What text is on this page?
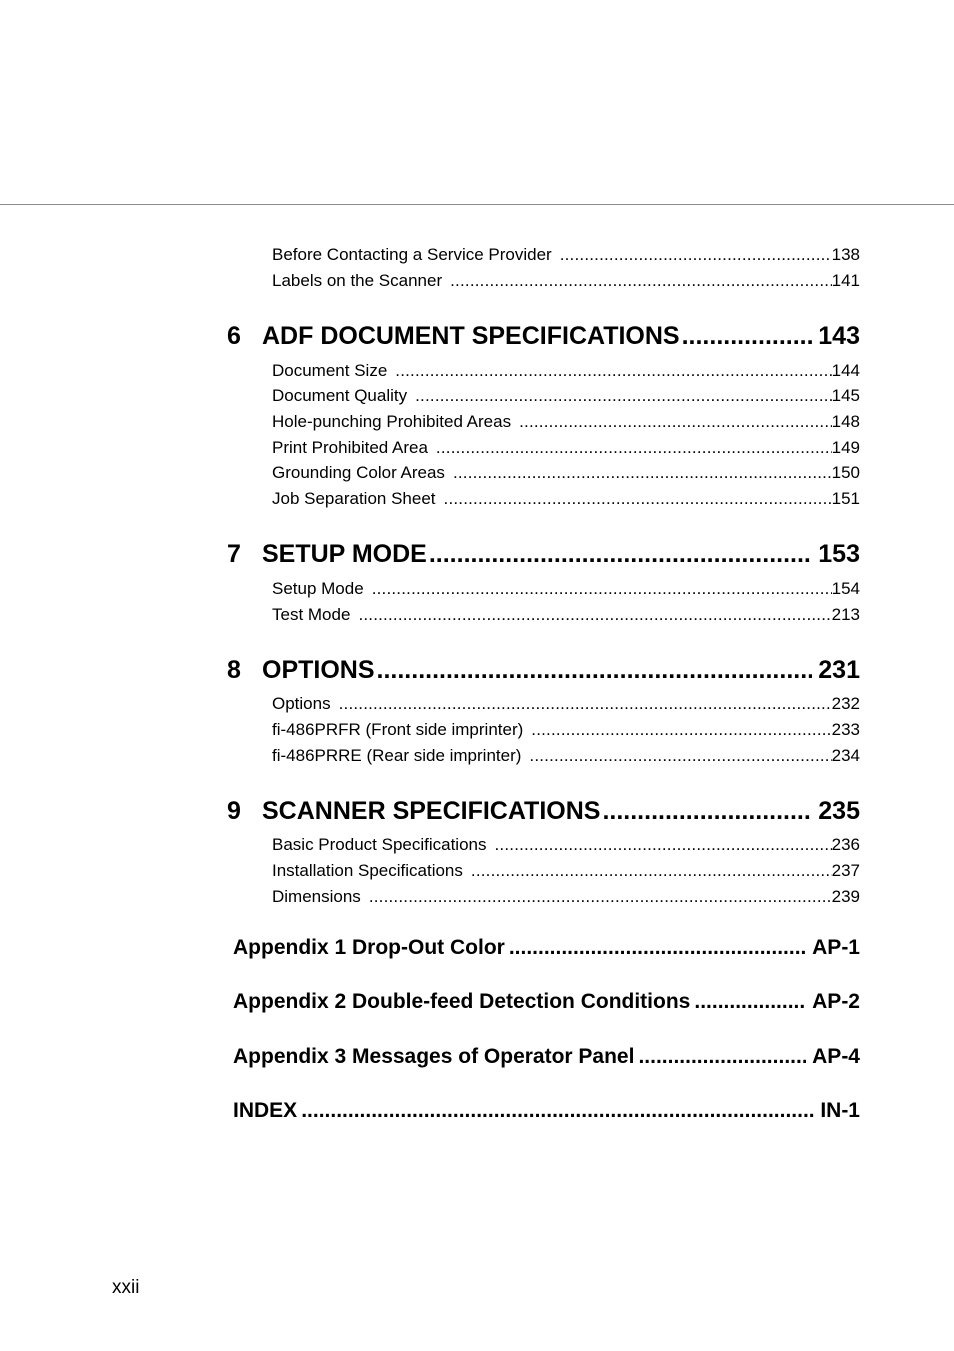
Before Contacting a Service Provider .....	138
Labels on the Scanner .....	141
6 ADF DOCUMENT SPECIFICATIONS .....	143
Document Size .....	144
Document Quality .....	145
Hole-punching Prohibited Areas .....	148
Print Prohibited Area .....	149
Grounding Color Areas .....	150
Job Separation Sheet .....	151
7 SETUP MODE .....	153
Setup Mode .....	154
Test Mode .....	213
8 OPTIONS .....	231
Options .....	232
fi-486PRFR (Front side imprinter) .....	233
fi-486PRRE (Rear side imprinter) .....	234
9 SCANNER SPECIFICATIONS .....	235
Basic Product Specifications .....	236
Installation Specifications .....	237
Dimensions .....	239
Appendix 1 Drop-Out Color .....	AP-1
Appendix 2 Double-feed Detection Conditions .....	AP-2
Appendix 3 Messages of Operator Panel .....	AP-4
INDEX .....	IN-1
xxii
